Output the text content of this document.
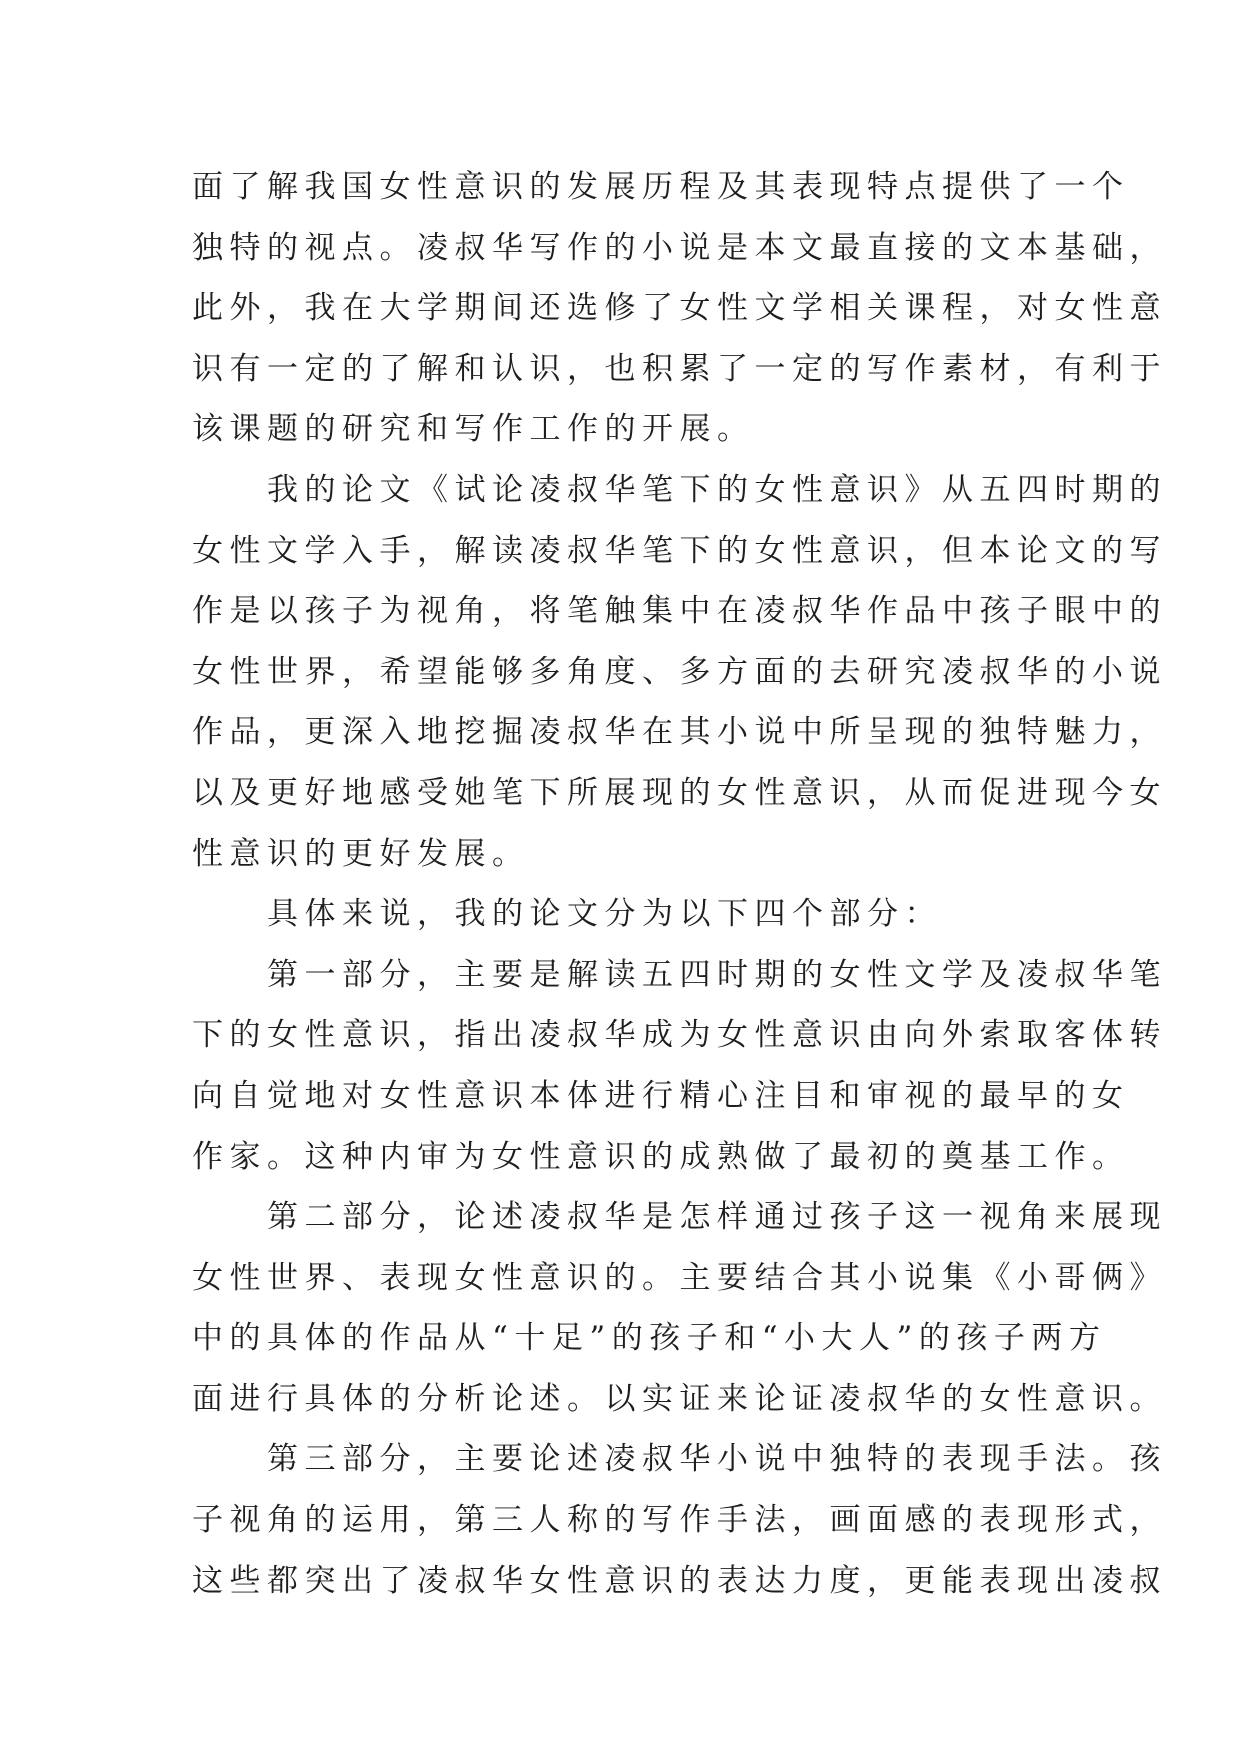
面了解我国女性意识的发展历程及其表现特点提供了一个
独特的视点。凌叔华写作的小说是本文最直接的文本基础，
此外，我在大学期间还选修了女性文学相关课程，对女性意
识有一定的了解和认识，也积累了一定的写作素材，有利于
该课题的研究和写作工作的开展。
我的论文《试论凌叔华笔下的女性意识》从五四时期的
女性文学入手，解读凌叔华笔下的女性意识，但本论文的写
作是以孩子为视角，将笔触集中在凌叔华作品中孩子眼中的
女性世界，希望能够多角度、多方面的去研究凌叔华的小说
作品，更深入地挖掘凌叔华在其小说中所呈现的独特魅力，
以及更好地感受她笔下所展现的女性意识，从而促进现今女
性意识的更好发展。
具体来说，我的论文分为以下四个部分：
第一部分，主要是解读五四时期的女性文学及凌叔华笔
下的女性意识，指出凌叔华成为女性意识由向外索取客体转
向自觉地对女性意识本体进行精心注目和审视的最早的女
作家。这种内审为女性意识的成熟做了最初的奠基工作。
第二部分，论述凌叔华是怎样通过孩子这一视角来展现
女性世界、表现女性意识的。主要结合其小说集《小哥俩》
中的具体的作品从“十足”的孩子和“小大人”的孩子两方
面进行具体的分析论述。以实证来论证凌叔华的女性意识。
第三部分，主要论述凌叔华小说中独特的表现手法。孩
子视角的运用，第三人称的写作手法，画面感的表现形式，
这些都突出了凌叔华女性意识的表达力度，更能表现出凌叔
